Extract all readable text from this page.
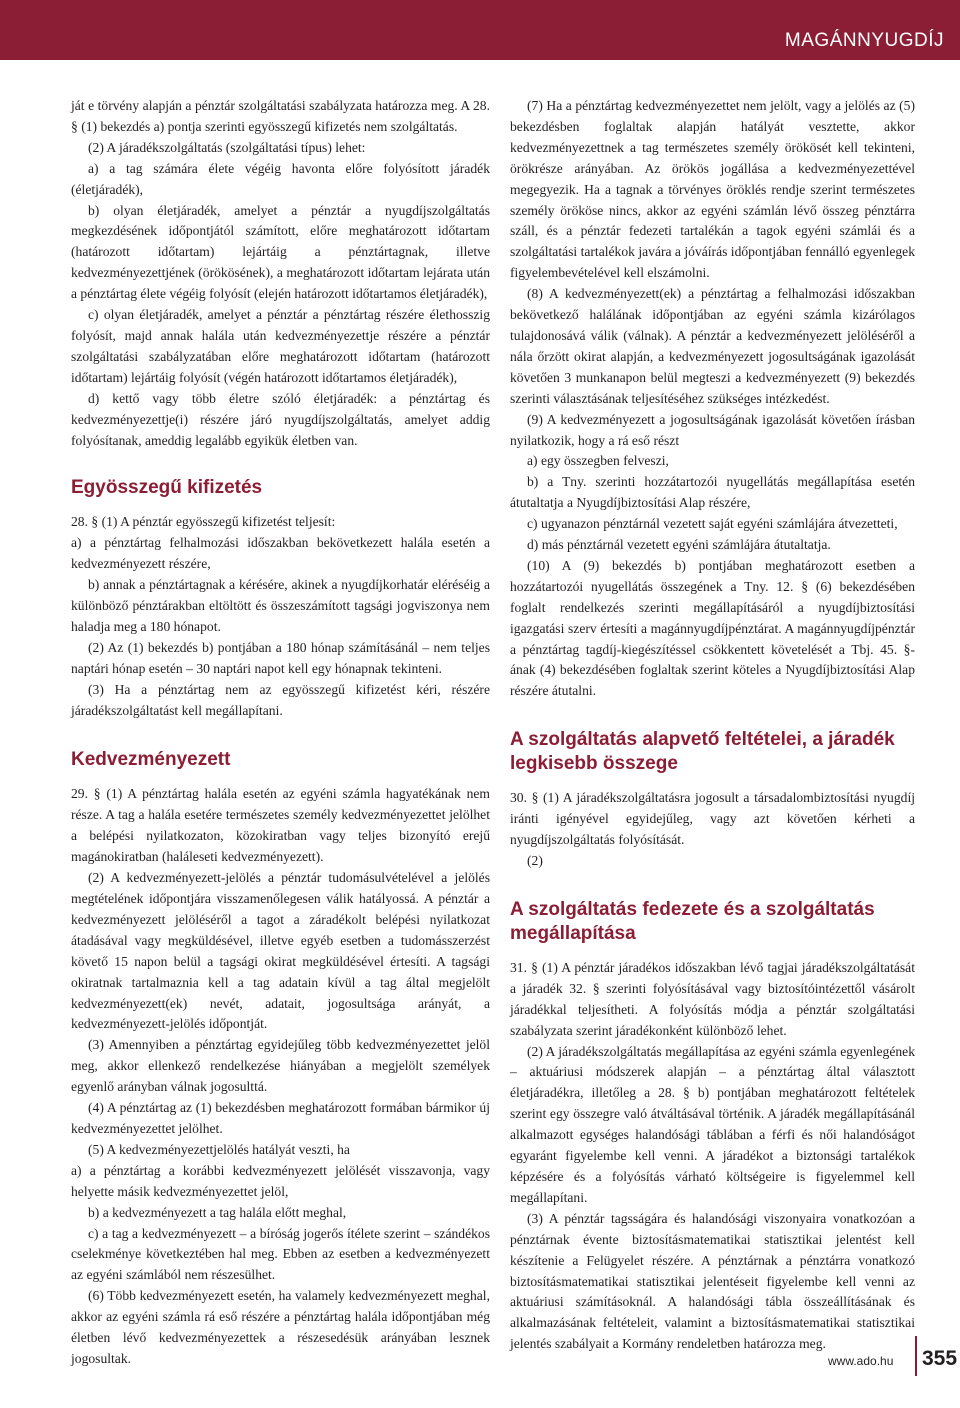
MAGÁNNYUGDÍJ

ját e törvény alapján a pénztár szolgáltatási szabályzata határozza meg. A 28. § (1) bekezdés a) pontja szerinti egyösszegű kifizetés nem szolgáltatás.

(2) A járadékszolgáltatás (szolgáltatási típus) lehet:

a) a tag számára élete végéig havonta előre folyósított járadék (életjáradék),

b) olyan életjáradék, amelyet a pénztár a nyugdíjszolgáltatás megkezdésének időpontjától számított, előre meghatározott időtartam (határozott időtartam) lejártáig a pénztártagnak, illetve kedvezményezettjének (örökösének), a meghatározott időtartam lejárata után a pénztártag élete végéig folyósít (elején határozott időtartamos életjáradék),

c) olyan életjáradék, amelyet a pénztár a pénztártag részére élethosszig folyósít, majd annak halála után kedvezményezettje részére a pénztár szolgáltatási szabályzatában előre meghatározott időtartam (határozott időtartam) lejártáig folyósít (végén határozott időtartamos életjáradék),

d) kettő vagy több életre szóló életjáradék: a pénztártag és kedvezményezettje(i) részére járó nyugdíjszolgáltatás, amelyet addig folyósítanak, ameddig legalább egyikük életben van.

Egyösszegű kifizetés

28. § (1) A pénztár egyösszegű kifizetést teljesít:

a) a pénztártag felhalmozási időszakban bekövetkezett halála esetén a kedvezményezett részére,

b) annak a pénztártagnak a kérésére, akinek a nyugdíjkorhatár eléréséig a különböző pénztárakban eltöltött és összeszámított tagsági jogviszonya nem haladja meg a 180 hónapot.

(2) Az (1) bekezdés b) pontjában a 180 hónap számításánál – nem teljes naptári hónap esetén – 30 naptári napot kell egy hónapnak tekinteni.

(3) Ha a pénztártag nem az egyösszegű kifizetést kéri, részére járadékszolgáltatást kell megállapítani.

Kedvezményezett

29. § (1) A pénztártag halála esetén az egyéni számla hagyatékának nem része. A tag a halála esetére természetes személy kedvezményezettet jelölhet a belépési nyilatkozaton, közokiratban vagy teljes bizonyító erejű magánokiratban (haláleseti kedvezményezett).

(2) A kedvezményezett-jelölés a pénztár tudomásulvételével a jelölés megtételének időpontjára visszamenőlegesen válik hatályossá. A pénztár a kedvezményezett jelöléséről a tagot a záradékolt belépési nyilatkozat átadásával vagy megküldésével, illetve egyéb esetben a tudomásszerzést követő 15 napon belül a tagsági okirat megküldésével értesíti. A tagsági okiratnak tartalmaznia kell a tag adatain kívül a tag által megjelölt kedvezményezett(ek) nevét, adatait, jogosultsága arányát, a kedvezményezett-jelölés időpontját.

(3) Amennyiben a pénztártag egyidejűleg több kedvezményezettet jelöl meg, akkor ellenkező rendelkezése hiányában a megjelölt személyek egyenlő arányban válnak jogosulttá.

(4) A pénztártag az (1) bekezdésben meghatározott formában bármikor új kedvezményezettet jelölhet.

(5) A kedvezményezettjelölés hatályát veszti, ha

a) a pénztártag a korábbi kedvezményezett jelölését visszavonja, vagy helyette másik kedvezményezettet jelöl,

b) a kedvezményezett a tag halála előtt meghal,

c) a tag a kedvezményezett – a bíróság jogerős ítélete szerint – szándékos cselekménye következtében hal meg. Ebben az esetben a kedvezményezett az egyéni számlából nem részesülhet.

(6) Több kedvezményezett esetén, ha valamely kedvezményezett meghal, akkor az egyéni számla rá eső részére a pénztártag halála időpontjában még életben lévő kedvezményezettek a részesedésük arányában lesznek jogosultak.

(7) Ha a pénztártag kedvezményezettet nem jelölt, vagy a jelölés az (5) bekezdésben foglaltak alapján hatályát vesztette, akkor kedvezményezettnek a tag természetes személy örökösét kell tekinteni, örökrésze arányában. Az örökös jogállása a kedvezményezettével megegyezik. Ha a tagnak a törvényes öröklés rendje szerint természetes személy örököse nincs, akkor az egyéni számlán lévő összeg pénztárra száll, és a pénztár fedezeti tartalékán a tagok egyéni számlái és a szolgáltatási tartalékok javára a jóváírás időpontjában fennálló egyenlegek figyelembevételével kell elszámolni.

(8) A kedvezményezett(ek) a pénztártag a felhalmozási időszakban bekövetkező halálának időpontjában az egyéni számla kizárólagos tulajdonosává válik (válnak). A pénztár a kedvezményezett jelöléséről a nála őrzött okirat alapján, a kedvezményezett jogosultságának igazolását követően 3 munkanapon belül megteszi a kedvezményezett (9) bekezdés szerinti választásának teljesítéséhez szükséges intézkedést.

(9) A kedvezményezett a jogosultságának igazolását követően írásban nyilatkozik, hogy a rá eső részt

a) egy összegben felveszi,

b) a Tny. szerinti hozzátartozói nyugellátás megállapítása esetén átutaltatja a Nyugdíjbiztosítási Alap részére,

c) ugyanazon pénztárnál vezetett saját egyéni számlájára átvezetteti,

d) más pénztárnál vezetett egyéni számlájára átutaltatja.

(10) A (9) bekezdés b) pontjában meghatározott esetben a hozzátartozói nyugellátás összegének a Tny. 12. § (6) bekezdésében foglalt rendelkezés szerinti megállapításáról a nyugdíjbiztosítási igazgatási szerv értesíti a magánnyugdíjpénztárat. A magánnyugdíjpénztár a pénztártag tagdíj-kiegészítéssel csökkentett követelését a Tbj. 45. §-ának (4) bekezdésében foglaltak szerint köteles a Nyugdíjbiztosítási Alap részére átutalni.

A szolgáltatás alapvető feltételei, a járadék legkisebb összege

30. § (1) A járadékszolgáltatásra jogosult a társadalombiztosítási nyugdíj iránti igényével egyidejűleg, vagy azt követően kérheti a nyugdíjszolgáltatás folyósítását.

(2)

A szolgáltatás fedezete és a szolgáltatás megállapítása

31. § (1) A pénztár járadékos időszakban lévő tagjai járadékszolgáltatását a járadék 32. § szerinti folyósításával vagy biztosítóintézettől vásárolt járadékkal teljesítheti. A folyósítás módja a pénztár szolgáltatási szabályzata szerint járadékonként különböző lehet.

(2) A járadékszolgáltatás megállapítása az egyéni számla egyenlegének – aktuáriusi módszerek alapján – a pénztártag által választott életjáradékra, illetőleg a 28. § b) pontjában meghatározott feltételek szerint egy összegre való átváltásával történik. A járadék megállapításánál alkalmazott egységes halandósági táblában a férfi és női halandóságot egyaránt figyelembe kell venni. A járadékot a biztonsági tartalékok képzésére és a folyósítás várható költségeire is figyelemmel kell megállapítani.

(3) A pénztár tagsságára és halandósági viszonyaira vonatkozóan a pénztárnak évente biztosításmatematikai statisztikai jelentést kell készítenie a Felügyelet részére. A pénztárnak a pénztárra vonatkozó biztosításmatematikai statisztikai jelentéseit figyelembe kell venni az aktuáriusi számításoknál. A halandósági tábla összeállításának és alkalmazásának feltételeit, valamint a biztosításmatematikai statisztikai jelentés szabályait a Kormány rendeletben határozza meg.

www.ado.hu 355
